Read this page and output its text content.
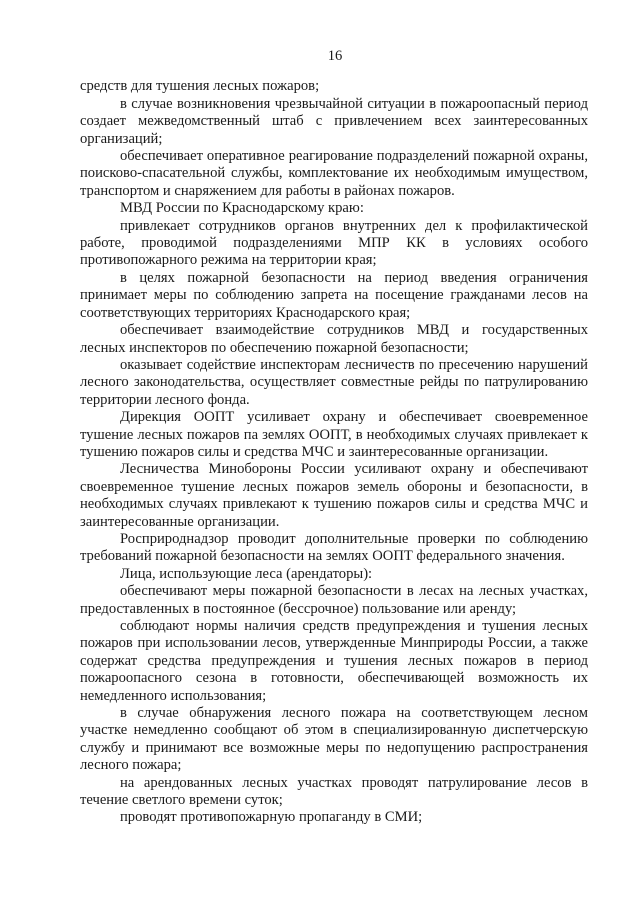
16

средств для тушения лесных пожаров;

в случае возникновения чрезвычайной ситуации в пожароопасный период создает межведомственный штаб с привлечением всех заинтересованных организаций;

обеспечивает оперативное реагирование подразделений пожарной охраны, поисково-спасательной службы, комплектование их необходимым имуществом, транспортом и снаряжением для работы в районах пожаров.

МВД России по Краснодарскому краю:

привлекает сотрудников органов внутренних дел к профилактической работе, проводимой подразделениями МПР КК в условиях особого противопожарного режима на территории края;

в целях пожарной безопасности на период введения ограничения принимает меры по соблюдению запрета на посещение гражданами лесов на соответствующих территориях Краснодарского края;

обеспечивает взаимодействие сотрудников МВД и государственных лесных инспекторов по обеспечению пожарной безопасности;

оказывает содействие инспекторам лесничеств по пресечению нарушений лесного законодательства, осуществляет совместные рейды по патрулированию территории лесного фонда.

Дирекция ООПТ усиливает охрану и обеспечивает своевременное тушение лесных пожаров па землях ООПТ, в необходимых случаях привлекает к тушению пожаров силы и средства МЧС и заинтересованные организации.

Лесничества Минобороны России усиливают охрану и обеспечивают своевременное тушение лесных пожаров земель обороны и безопасности, в необходимых случаях привлекают к тушению пожаров силы и средства МЧС и заинтересованные организации.

Росприроднадзор проводит дополнительные проверки по соблюдению требований пожарной безопасности на землях ООПТ федерального значения.

Лица, использующие леса (арендаторы):

обеспечивают меры пожарной безопасности в лесах на лесных участках, предоставленных в постоянное (бессрочное) пользование или аренду;

соблюдают нормы наличия средств предупреждения и тушения лесных пожаров при использовании лесов, утвержденные Минприроды России, а также содержат средства предупреждения и тушения лесных пожаров в период пожароопасного сезона в готовности, обеспечивающей возможность их немедленного использования;

в случае обнаружения лесного пожара на соответствующем лесном участке немедленно сообщают об этом в специализированную диспетчерскую службу и принимают все возможные меры по недопущению распространения лесного пожара;

на арендованных лесных участках проводят патрулирование лесов в течение светлого времени суток;

проводят противопожарную пропаганду в СМИ;
